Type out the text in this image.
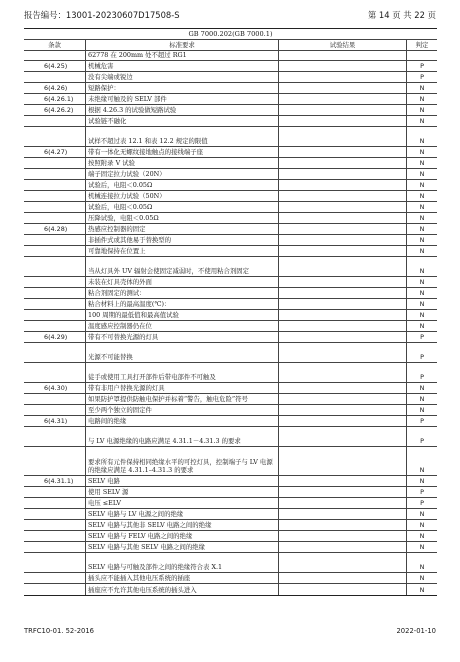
报告编号：13001-20230607D17508-S	第 14 页 共 22 页
GB 7000.202(GB 7000.1)
条款	标准要求	试验结果	判定
62778 在 200mm 处不超过 RG1
6(4.25)	机械危害	P
没有尖端或锐边	P
6(4.26)	短路保护：	N
6(4.26.1)	未绝缘可触及的 SELV 部件	N
6(4.26.2)	根据 4.26.3 的试验做短路试验	N
试验链不融化	N
试样不超过表 12.1 和表 12.2 规定的限值	N
6(4.27)	带有一体化无螺纹接地触点的接线端子座	N
按照附录 V 试验	N
端子固定拉力试验（20N）	N
试验后，电阻＜0.05Ω	N
机械连接拉力试验（50N）	N
试验后，电阻＜0.05Ω	N
压降试验，电阻＜0.05Ω	N
6(4.28)	热感应控制器的固定	N
非插件式或其他易于替换型的	N
可靠地保持在位置上	N
当从灯具外 UV 辐射会使固定减弱时，不使用粘合剂固定	N
未装在灯具壳体的外面	N
粘合剂固定的测试：	N
粘合材料上的最高温度(℃)：	N
100 周期的最低值和最高值试验	N
温度感应控制器仍在位	N
6(4.29)	带有不可替换光源的灯具	P
光源不可能替换	P
徒手或使用工具打开部件后带电部件不可触及	P
6(4.30)	带有非用户替换光源的灯具	N
如果防护罩提供防触电保护并标着“警告，触电危险”符号	N
至少两个独立的固定件	N
6(4.31)	电路间的绝缘	P
与 LV 电源绝缘的电路应满足 4.31.1－4.31.3 的要求	P
要求所有元件保持相同绝缘水平的可控灯具，控制端子与 LV 电源的绝缘应满足 4.31.1–4.31.3 的要求	N
6(4.31.1)	SELV 电路	N
使用 SELV 源	P
电压 ≤ELV	P
SELV 电路与 LV 电源之间的绝缘	N
SELV 电路与其他非 SELV 电路之间的绝缘	N
SELV 电路与 FELV 电路之间的绝缘	N
SELV 电路与其他 SELV 电路之间的绝缘	N
SELV 电路与可触及部件之间的绝缘符合表 X.1	N
插头应不能插入其他电压系统的插座	N
插座应不允许其他电压系统的插头进入	N
TRFC10-01. 52-2016	2022-01-10
